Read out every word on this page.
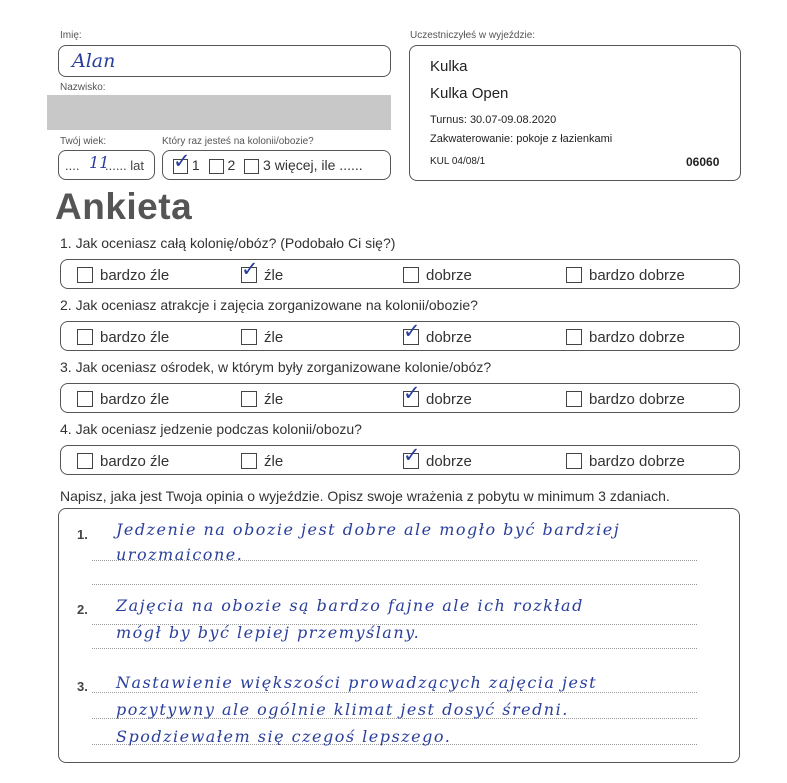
Imię:
Alan
Nazwisko:
Twój wiek:
.... 11
...... lat
Który raz jesteś na kolonii/obozie?
✓ 1 2 3 więcej, ile ......
Uczestniczyłeś w wyjeździe:
Kulka
Kulka Open
Turnus: 30.07-09.08.2020
Zakwaterowanie: pokoje z łazienkami
KUL 04/08/1	06060
Ankieta
1. Jak oceniasz całą kolonię/obóz? (Podobało Ci się?)
bardzo źle	✓ źle	dobrze	bardzo dobrze
2. Jak oceniasz atrakcje i zajęcia zorganizowane na kolonii/obozie?
bardzo źle	źle	✓ dobrze	bardzo dobrze
3. Jak oceniasz ośrodek, w którym były zorganizowane kolonie/obóz?
bardzo źle	źle	✓ dobrze	bardzo dobrze
4. Jak oceniasz jedzenie podczas kolonii/obozu?
bardzo źle	źle	✓ dobrze	bardzo dobrze
Napisz, jaka jest Twoja opinia o wyjeździe. Opisz swoje wrażenia z pobytu w minimum 3 zdaniach.
1.
2.
3.
Jedzenie na obozie jest dobre ale mogło być bardziej
urozmaicone.
Zajęcia na obozie są bardzo fajne ale ich rozkład
mógł by być lepiej przemyślany.
Nastawienie większości prowadzących zajęcia jest
pozytywny ale ogólnie klimat jest dosyć średni.
Spodziewałem się czegoś lepszego.
